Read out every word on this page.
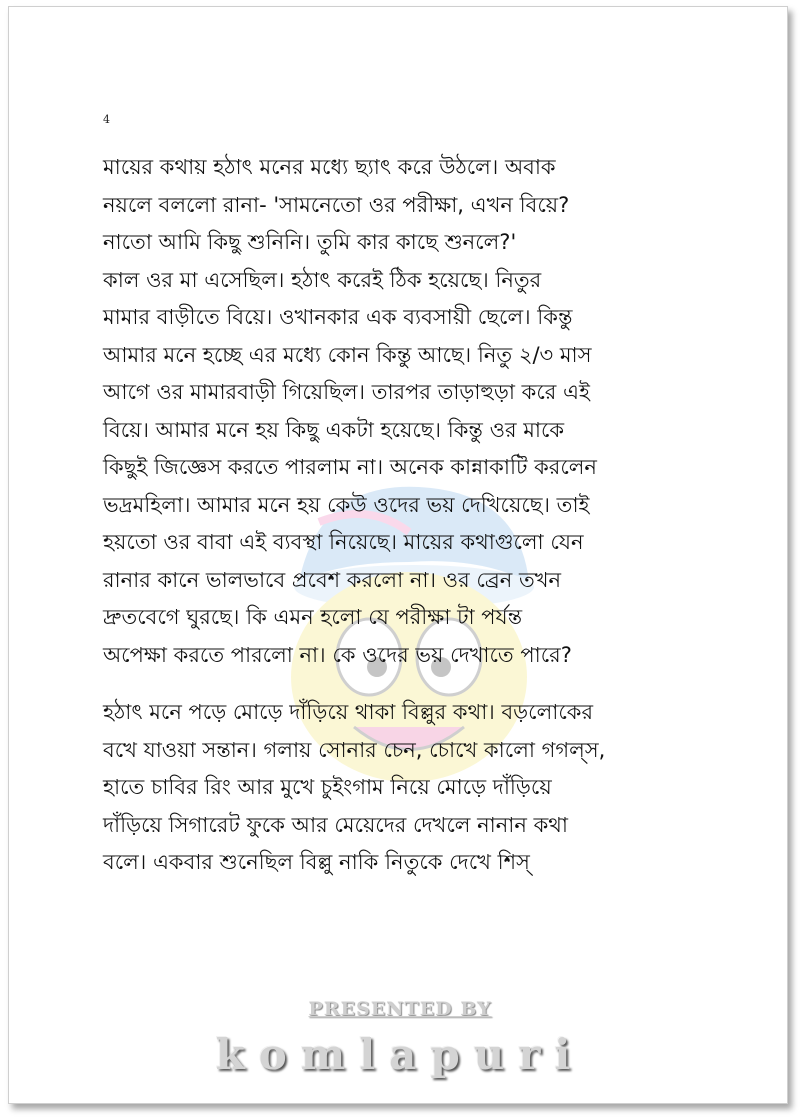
4

মায়ের কথায় হঠাৎ মনের মধ্যে ছ্যাৎ করে উঠলে। অবাক
নয়লে বললো রানা- 'সামনেতো ওর পরীক্ষা, এখন বিয়ে?
নাতো আমি কিছু শুনিনি। তুমি কার কাছে শুনলে?'
কাল ওর মা এসেছিল। হঠাৎ করেই ঠিক হয়েছে। নিতুর
মামার বাড়ীতে বিয়ে। ওখানকার এক ব্যবসায়ী ছেলে। কিন্তু
আমার মনে হচ্ছে এর মধ্যে কোন কিন্তু আছে। নিতু ২/৩ মাস
আগে ওর মামারবাড়ী গিয়েছিল। তারপর তাড়াহুড়া করে এই
বিয়ে। আমার মনে হয় কিছু একটা হয়েছে। কিন্তু ওর মাকে
কিছুই জিজ্ঞেস করতে পারলাম না। অনেক কান্নাকাটি করলেন
ভদ্রমহিলা। আমার মনে হয় কেউ ওদের ভয় দেখিয়েছে। তাই
হয়তো ওর বাবা এই ব্যবস্থা নিয়েছে। মায়ের কথাগুলো যেন
রানার কানে ভালভাবে প্রবেশ করলো না। ওর ব্রেন তখন
দ্রুতবেগে ঘুরছে। কি এমন হলো যে পরীক্ষা টা পর্যন্ত
অপেক্ষা করতে পারলো না। কে ওদের ভয় দেখাতে পারে?

হঠাৎ মনে পড়ে মোড়ে দাঁড়িয়ে থাকা বিল্লুর কথা। বড়লোকের
বখে যাওয়া সন্তান। গলায় সোনার চেন, চোখে কালো গগল্‌স,
হাতে চাবির রিং আর মুখে চুইংগাম নিয়ে মোড়ে দাঁড়িয়ে
দাঁড়িয়ে সিগারেট ফুকে আর মেয়েদের দেখলে নানান কথা
বলে। একবার শুনেছিল বিল্লু নাকি নিতুকে দেখে শিস্‌

PRESENTED BY
komlapuri
